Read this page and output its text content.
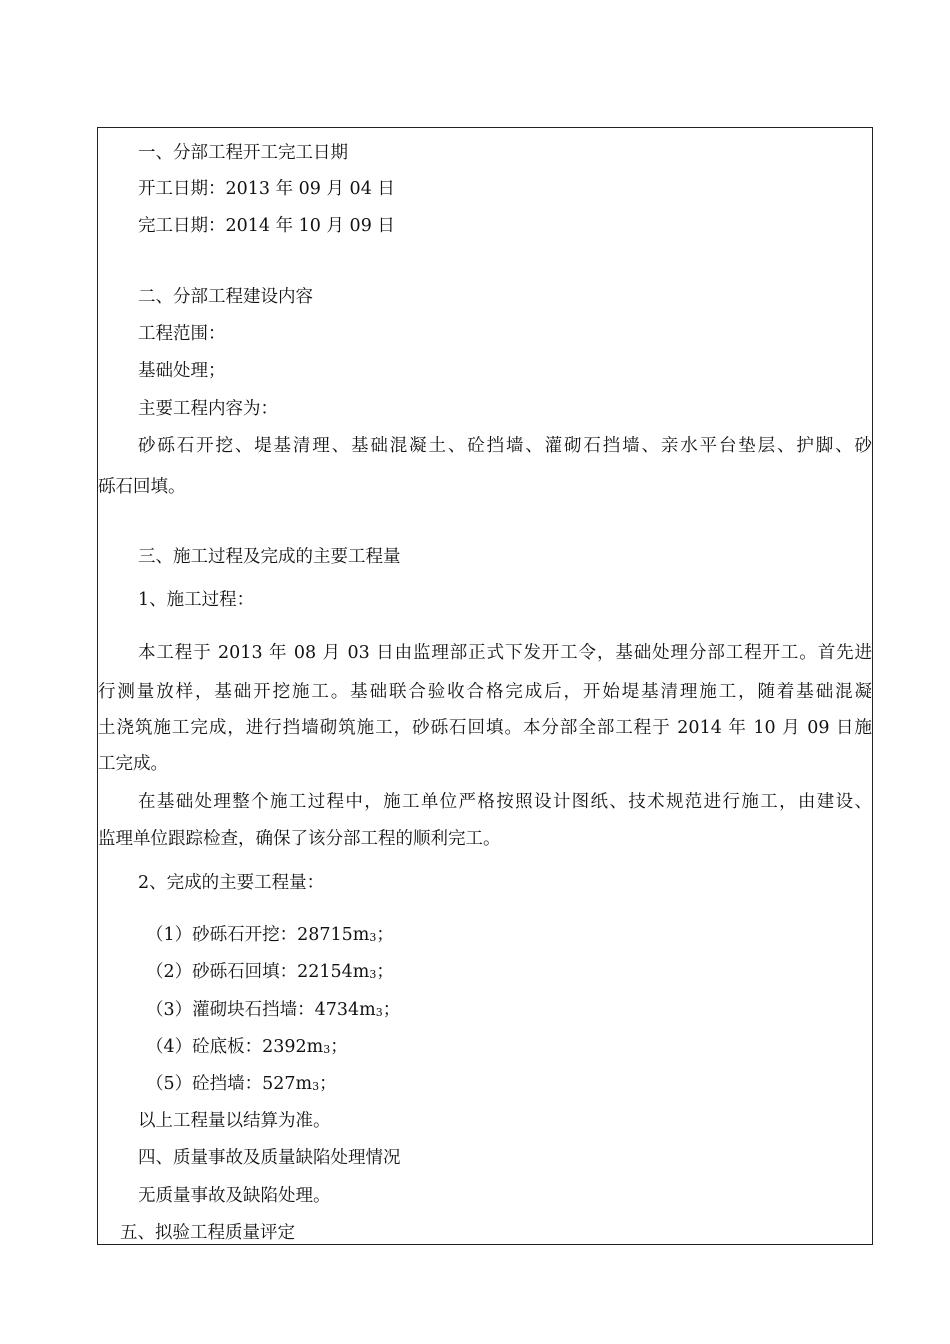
一、分部工程开工完工日期
开工日期：2013 年 09 月 04 日
完工日期：2014 年 10 月 09 日
二、分部工程建设内容
工程范围：
基础处理；
主要工程内容为：
砂砾石开挖、堤基清理、基础混凝土、砼挡墙、灌砌石挡墙、亲水平台垫层、护脚、砂
砾石回填。
三、施工过程及完成的主要工程量
1、施工过程：
本工程于 2013 年 08 月 03 日由监理部正式下发开工令，基础处理分部工程开工。首先进
行测量放样，基础开挖施工。基础联合验收合格完成后，开始堤基清理施工，随着基础混凝
土浇筑施工完成，进行挡墙砌筑施工，砂砾石回填。本分部全部工程于 2014 年 10 月 09 日施
工完成。
在基础处理整个施工过程中，施工单位严格按照设计图纸、技术规范进行施工，由建设、
监理单位跟踪检查，确保了该分部工程的顺利完工。
2、完成的主要工程量：
（1）砂砾石开挖：$28715m_3$；
（2）砂砾石回填：$22154m_3$；
（3）灌砌块石挡墙：$4734m_3$；
（4）砼底板：$2392m_3$；
（5）砼挡墙：$527m_3$；
以上工程量以结算为准。
四、质量事故及质量缺陷处理情况
无质量事故及缺陷处理。
五、拟验工程质量评定
